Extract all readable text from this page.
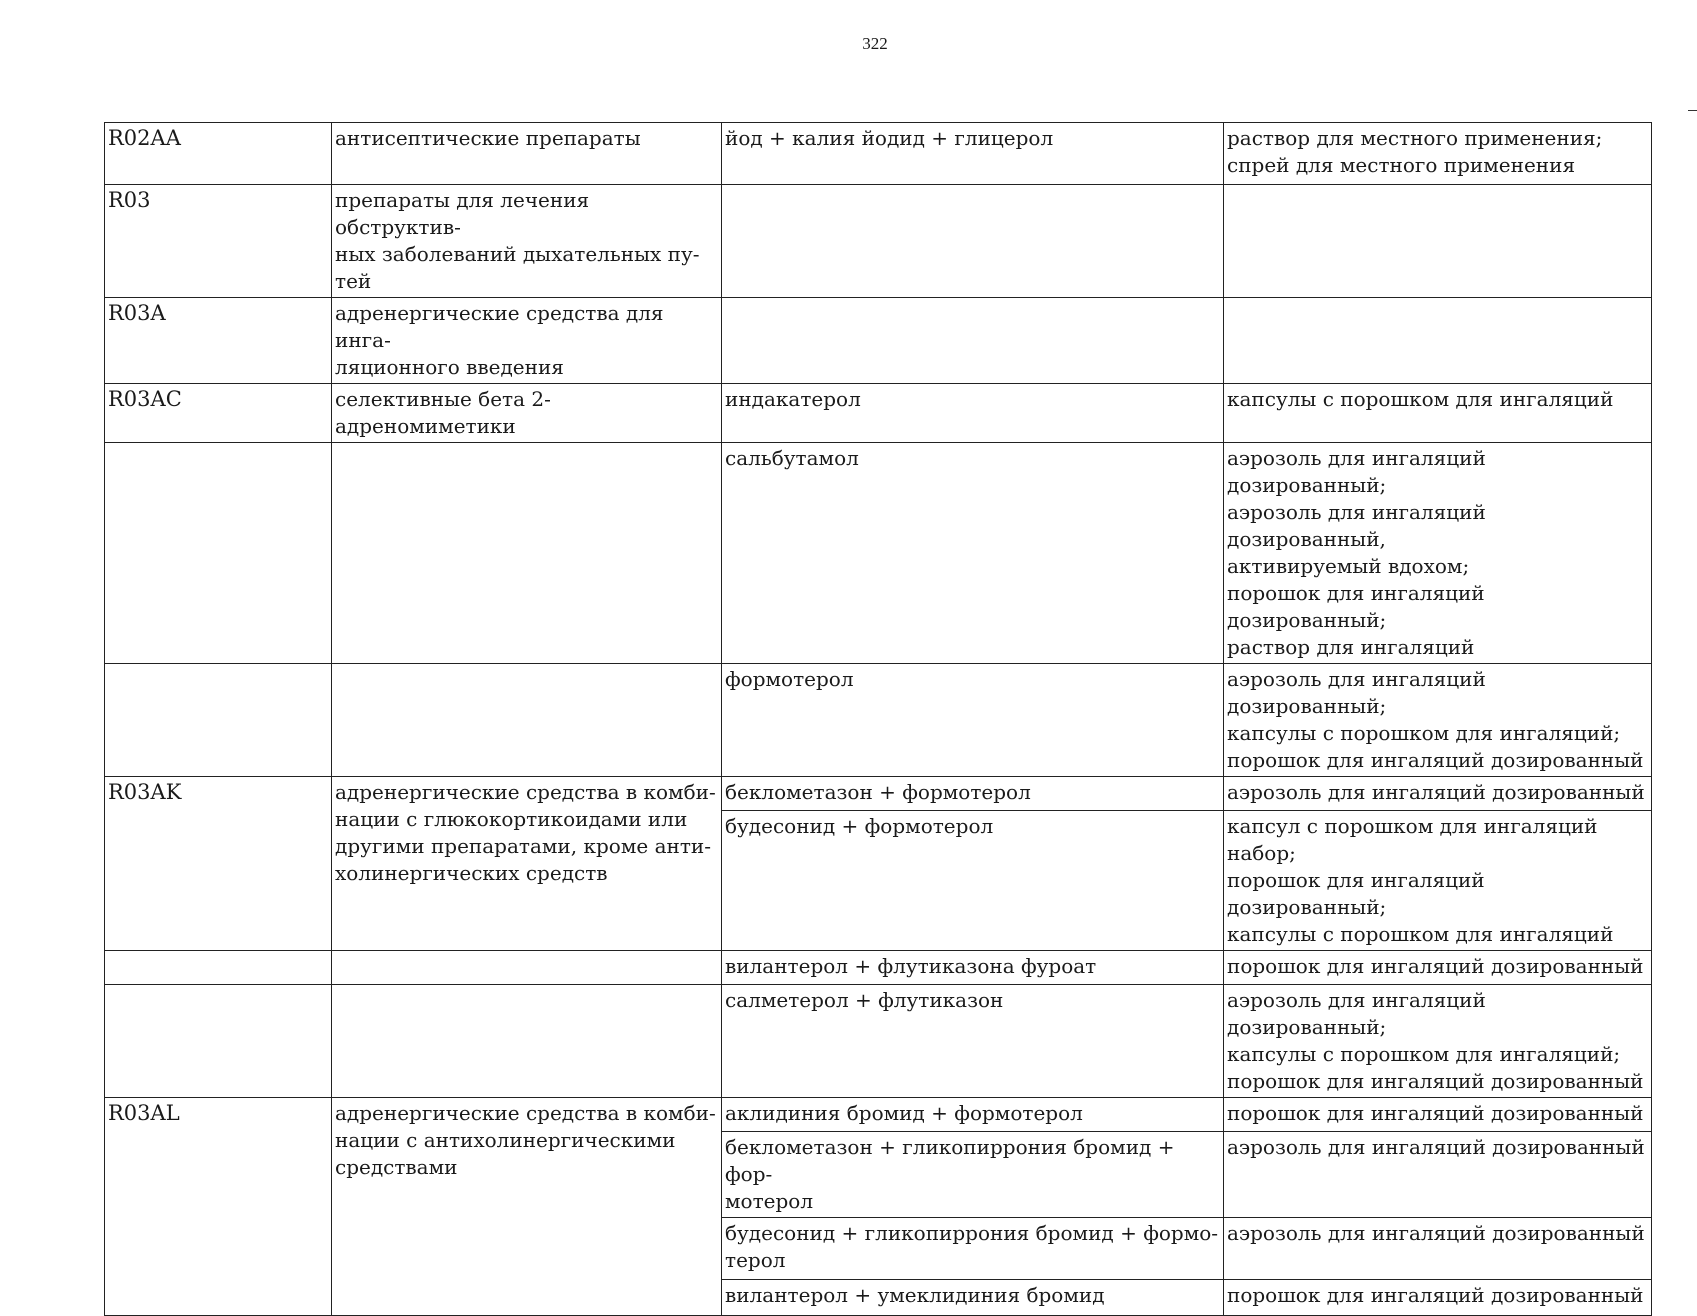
322
R02AA	антисептические препараты	йод + калия йодид + глицерол	раствор для местного применения;
спрей для местного применения
R03	препараты для лечения обструктив-
ных заболеваний дыхательных пу-
тей		
R03A	адренергические средства для инга-
ляционного введения		
R03AC	селективные бета 2-адреномиметики	индакатерол	капсулы с порошком для ингаляций
		сальбутамол	аэрозоль для ингаляций дозированный;
аэрозоль для ингаляций дозированный,
активируемый вдохом;
порошок для ингаляций дозированный;
раствор для ингаляций
		формотерол	аэрозоль для ингаляций дозированный;
капсулы с порошком для ингаляций;
порошок для ингаляций дозированный
R03AK	адренергические средства в комби-
нации с глюкокортикоидами или
другими препаратами, кроме анти-
холинергических средств	беклометазон + формотерол	аэрозоль для ингаляций дозированный
		будесонид + формотерол	капсул с порошком для ингаляций
набор;
порошок для ингаляций дозированный;
капсулы с порошком для ингаляций
		вилантерол + флутиказона фуроат	порошок для ингаляций дозированный
		салметерол + флутиказон	аэрозоль для ингаляций дозированный;
капсулы с порошком для ингаляций;
порошок для ингаляций дозированный
R03AL	адренергические средства в комби-
нации с антихолинергическими
средствами	аклидиния бромид + формотерол	порошок для ингаляций дозированный
		беклометазон + гликопиррония бромид + фор-
мотерол	аэрозоль для ингаляций дозированный
		будесонид + гликопиррония бромид + формо-
терол	аэрозоль для ингаляций дозированный
		вилантерол + умеклидиния бромид	порошок для ингаляций дозированный
